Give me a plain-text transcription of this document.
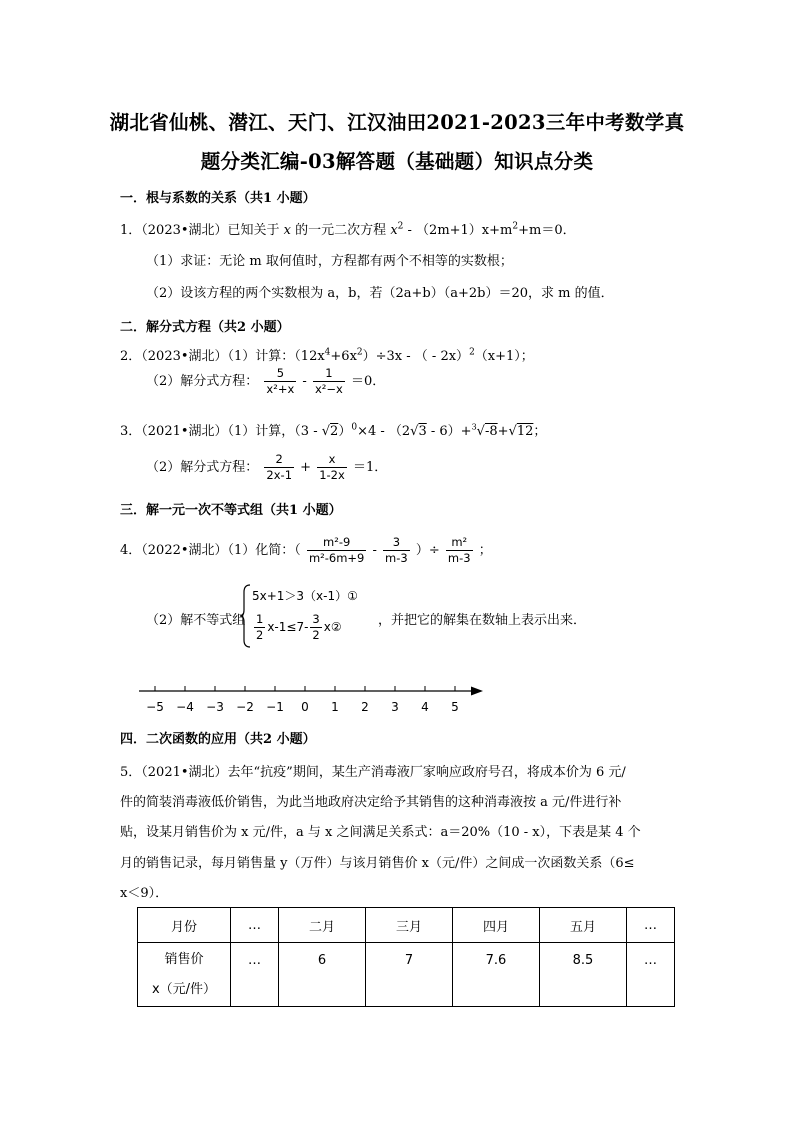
湖北省仙桃、潜江、天门、江汉油田2021-2023三年中考数学真
题分类汇编-03解答题（基础题）知识点分类
一．根与系数的关系（共1 小题）
1．（2023•湖北）已知关于 x 的一元二次方程 $x^2 - (2m+1)x+m^2+m=0$．
（1）求证：无论 m 取何值时，方程都有两个不相等的实数根；
（2）设该方程的两个实数根为 a，b，若（2a+b）（a+2b）＝20，求 m 的值．
二．解分式方程（共2 小题）
2．（2023•湖北）（1）计算：$(12x^4+6x^2)\div 3x$ - （ - 2x）$^2$（x+1）；
（2）解分式方程： $\frac{5}{\text{x²+x}} - \frac{1}{\text{x²−x}} =0$．
3．（2021•湖北）（1）计算，（3 - √2）$^0$×4 - （2√3 - 6）+$^3$√-8+√12；
（2）解分式方程： $\frac{2}{2x-1} + \frac{x}{1-2x} =1$．
三．解一元一次不等式组（共1 小题）
4．（2022•湖北）（1）化简：（ $\frac{\text{m²-9}}{\text{m²-6m+9}} - \frac{3}{m-3}$ ）÷ $\frac{\text{m²}}{m-3}$ ；
（2）解不等式组
5x+1＞3（x-1）①
$\frac{1}{2} x-1\le 7- \frac{3}{2}$ x②	，并把它的解集在数轴上表示出来．
−5 −4 −3 −2 −1 0 1 2 3 4 5
四．二次函数的应用（共2 小题）
5．（2021•湖北）去年“抗疫”期间，某生产消毒液厂家响应政府号召，将成本价为 6 元/
件的简装消毒液低价销售，为此当地政府决定给予其销售的这种消毒液按 a 元/件进行补
贴，设某月销售价为 x 元/件，a 与 x 之间满足关系式：a＝20%（10 - x），下表是某 4 个
月的销售记录，每月销售量 y（万件）与该月销售价 x（元/件）之间成一次函数关系（6≤
x＜9）．
月份	…	二月	三月	四月	五月	…

销售价
x（元/件）	…	6	7	7.6	8.5	…
